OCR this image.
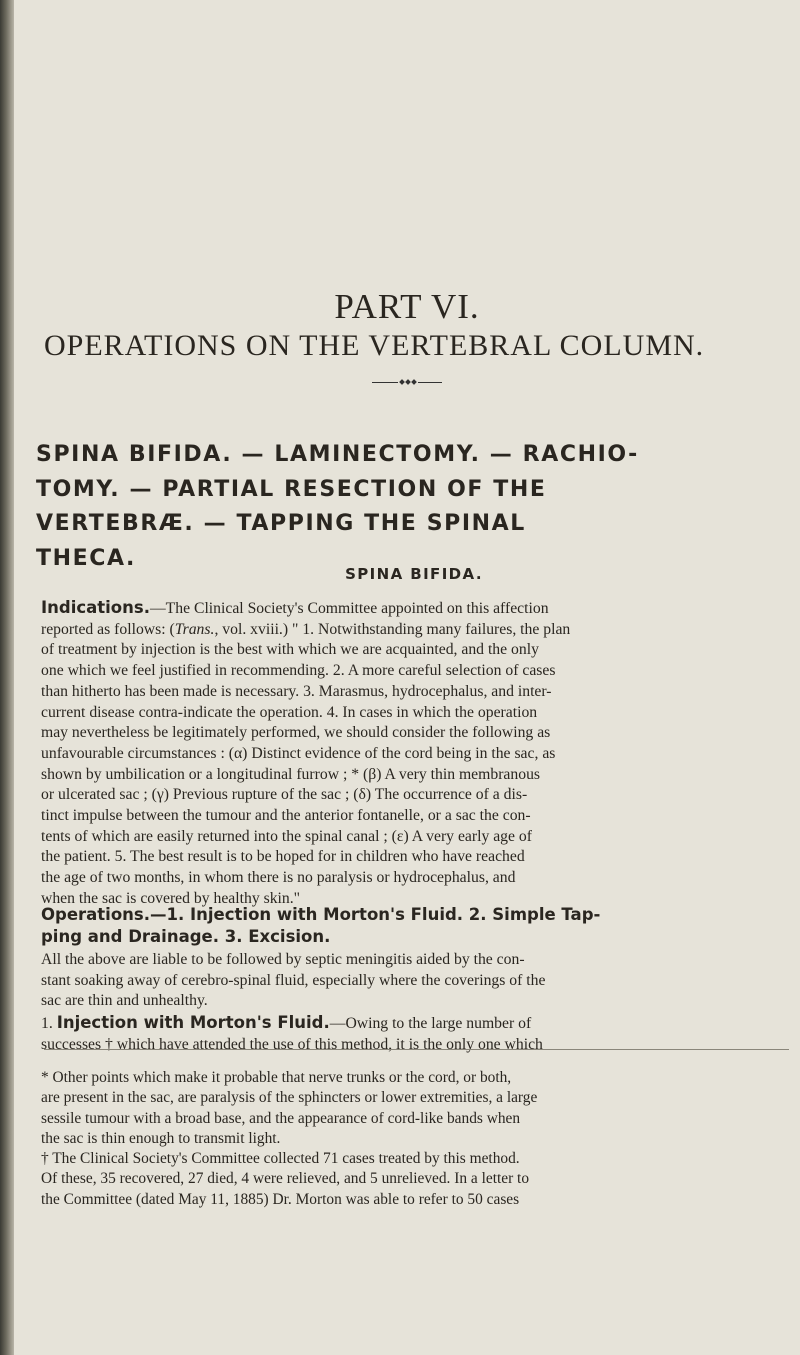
PART VI.
OPERATIONS ON THE VERTEBRAL COLUMN.
SPINA BIFIDA. — LAMINECTOMY. — RACHIO-
TOMY. — PARTIAL RESECTION OF THE
VERTEBRÆ. — TAPPING THE SPINAL
THECA.
SPINA BIFIDA.
Indications.—The Clinical Society's Committee appointed on this affection
reported as follows: (Trans., vol. xviii.) " 1. Notwithstanding many failures, the plan
of treatment by injection is the best with which we are acquainted, and the only
one which we feel justified in recommending. 2. A more careful selection of cases
than hitherto has been made is necessary. 3. Marasmus, hydrocephalus, and inter-
current disease contra-indicate the operation. 4. In cases in which the operation
may nevertheless be legitimately performed, we should consider the following as
unfavourable circumstances : (α) Distinct evidence of the cord being in the sac, as
shown by umbilication or a longitudinal furrow ; * (β) A very thin membranous
or ulcerated sac ; (γ) Previous rupture of the sac ; (δ) The occurrence of a dis-
tinct impulse between the tumour and the anterior fontanelle, or a sac the con-
tents of which are easily returned into the spinal canal ; (ε) A very early age of
the patient. 5. The best result is to be hoped for in children who have reached
the age of two months, in whom there is no paralysis or hydrocephalus, and
when the sac is covered by healthy skin."
Operations.—1. Injection with Morton's Fluid. 2. Simple Tap-
ping and Drainage. 3. Excision.
All the above are liable to be followed by septic meningitis aided by the con-
stant soaking away of cerebro-spinal fluid, especially where the coverings of the
sac are thin and unhealthy.
1. Injection with Morton's Fluid.—Owing to the large number of
successes † which have attended the use of this method, it is the only one which
* Other points which make it probable that nerve trunks or the cord, or both,
are present in the sac, are paralysis of the sphincters or lower extremities, a large
sessile tumour with a broad base, and the appearance of cord-like bands when
the sac is thin enough to transmit light.
† The Clinical Society's Committee collected 71 cases treated by this method.
Of these, 35 recovered, 27 died, 4 were relieved, and 5 unrelieved. In a letter to
the Committee (dated May 11, 1885) Dr. Morton was able to refer to 50 cases
